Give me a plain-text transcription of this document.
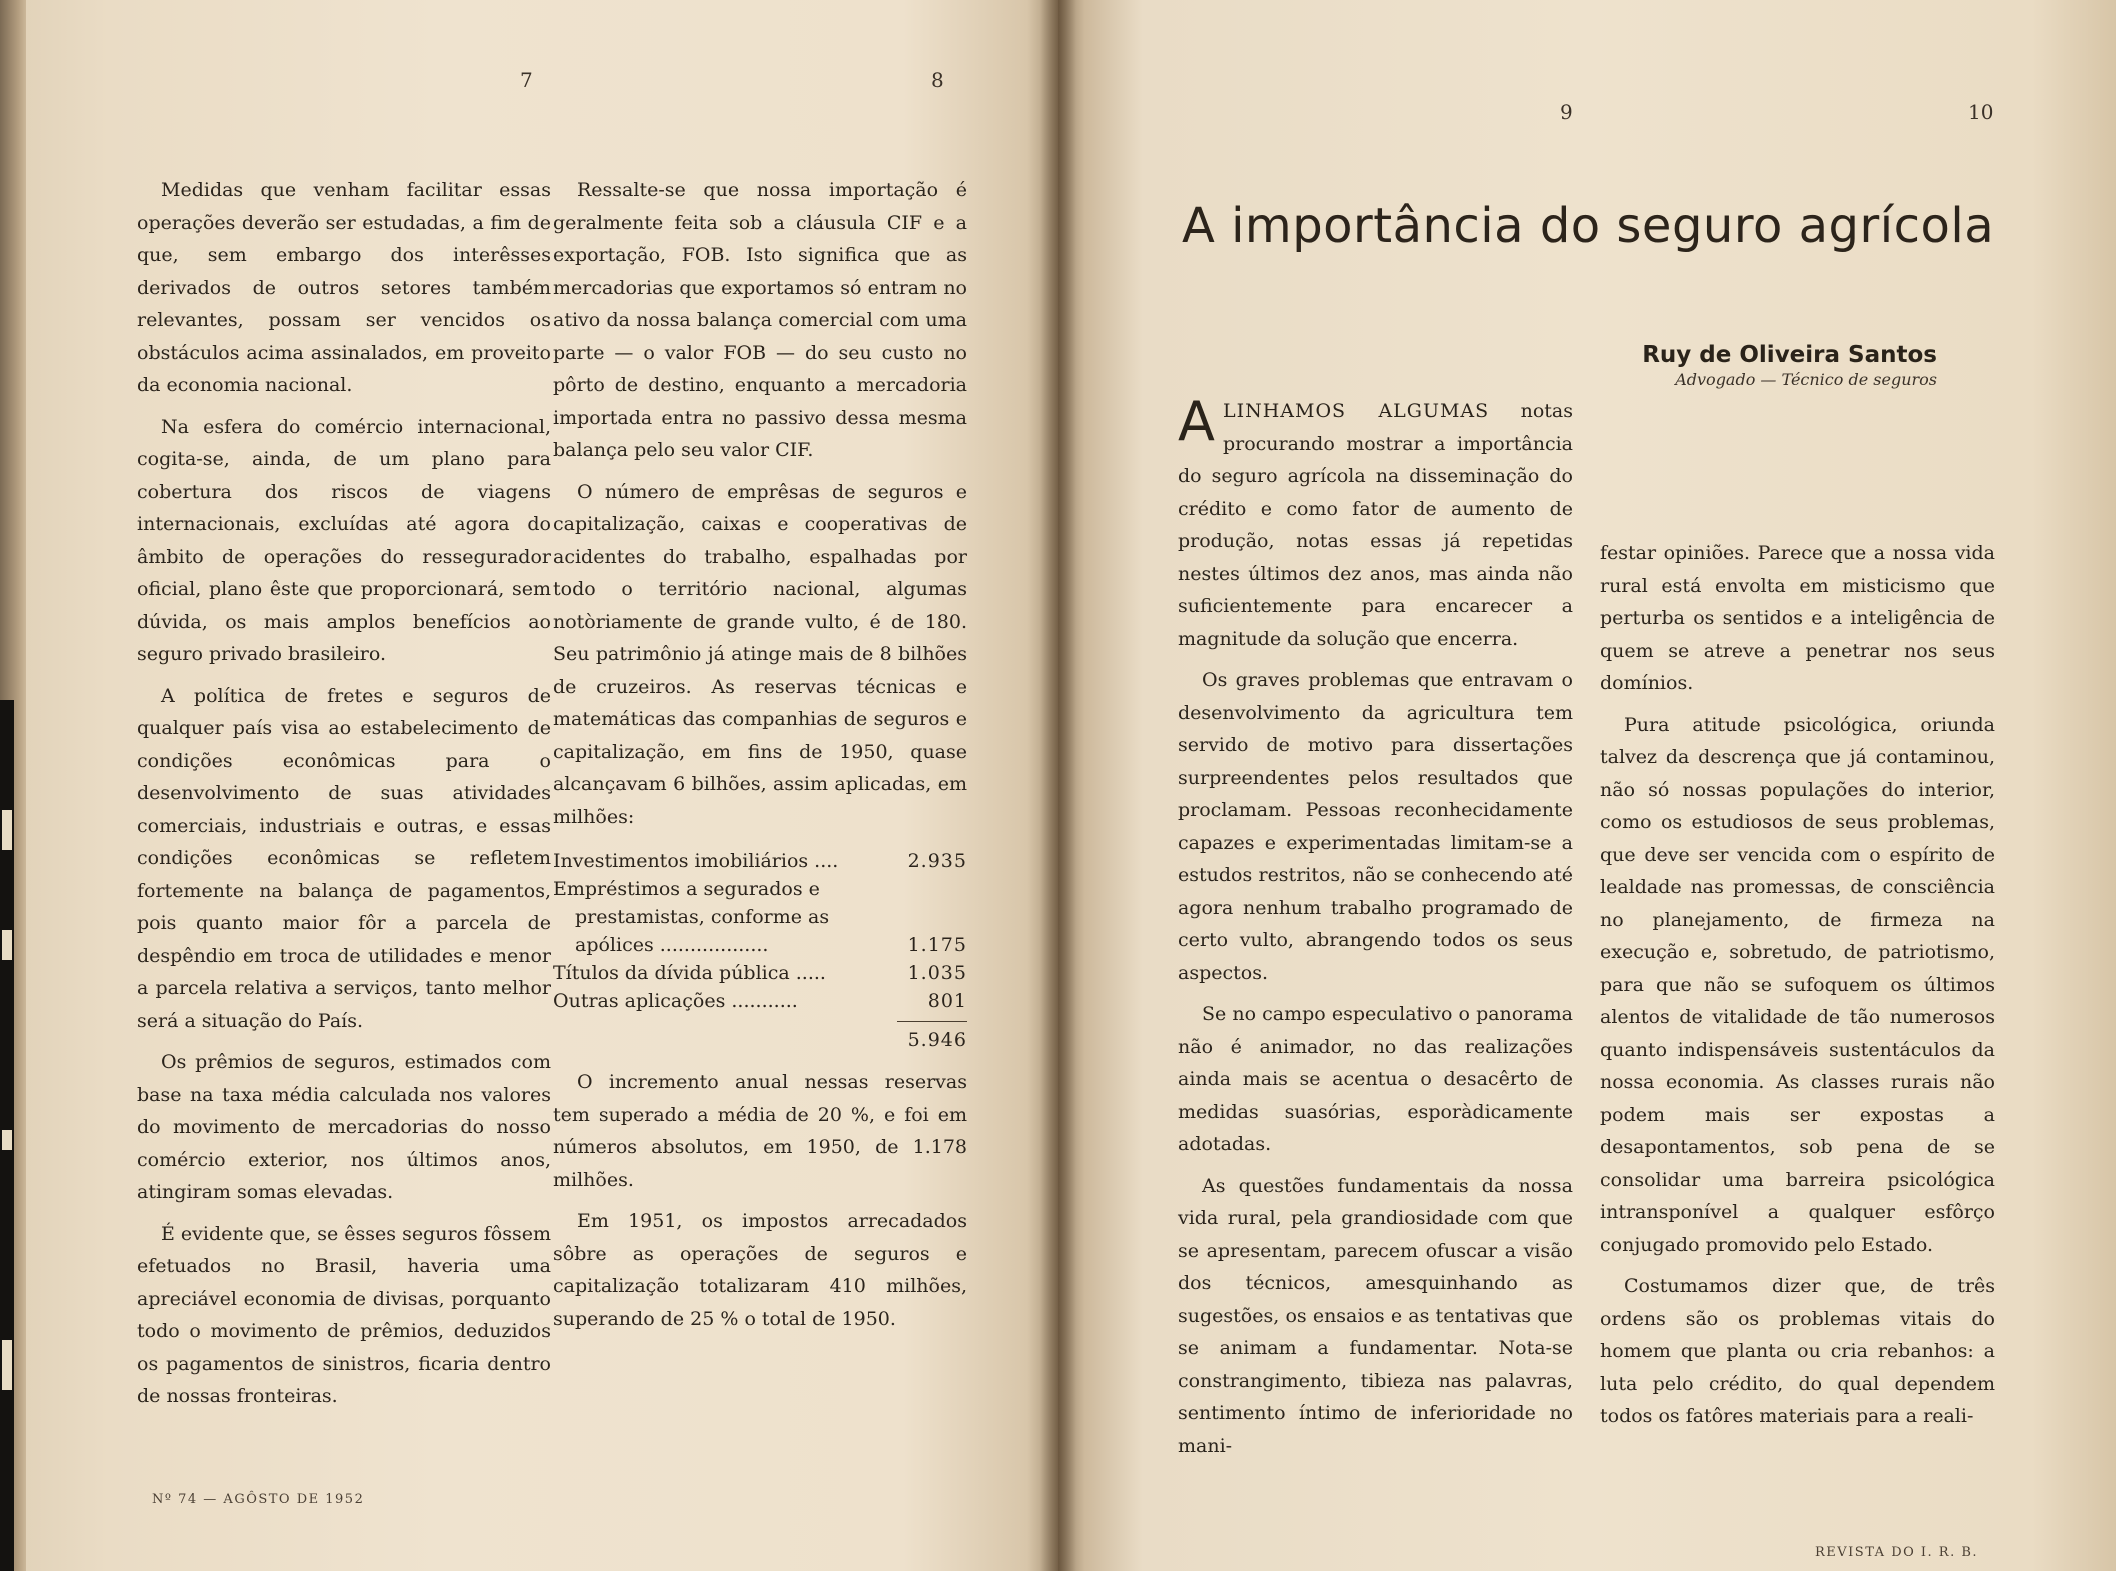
7	8

Medidas que venham facilitar essas operações deverão ser estudadas, a fim de que, sem embargo dos interêsses derivados de outros setores também relevantes, possam ser vencidos os obstáculos acima assinalados, em proveito da economia nacional.

Na esfera do comércio internacional, cogita-se, ainda, de um plano para cobertura dos riscos de viagens internacionais, excluídas até agora do âmbito de operações do ressegurador oficial, plano êste que proporcionará, sem dúvida, os mais amplos benefícios ao seguro privado brasileiro.

A política de fretes e seguros de qualquer país visa ao estabelecimento de condições econômicas para o desenvolvimento de suas atividades comerciais, industriais e outras, e essas condições econômicas se refletem fortemente na balança de pagamentos, pois quanto maior fôr a parcela de despêndio em troca de utilidades e menor a parcela relativa a serviços, tanto melhor será a situação do País.

Os prêmios de seguros, estimados com base na taxa média calculada nos valores do movimento de mercadorias do nosso comércio exterior, nos últimos anos, atingiram somas elevadas.

É evidente que, se êsses seguros fôssem efetuados no Brasil, haveria uma apreciável economia de divisas, porquanto todo o movimento de prêmios, deduzidos os pagamentos de sinistros, ficaria dentro de nossas fronteiras.

Ressalte-se que nossa importação é geralmente feita sob a cláusula CIF e a exportação, FOB. Isto significa que as mercadorias que exportamos só entram no ativo da nossa balança comercial com uma parte — o valor FOB — do seu custo no pôrto de destino, enquanto a mercadoria importada entra no passivo dessa mesma balança pelo seu valor CIF.

O número de emprêsas de seguros e capitalização, caixas e cooperativas de acidentes do trabalho, espalhadas por todo o território nacional, algumas notòriamente de grande vulto, é de 180. Seu patrimônio já atinge mais de 8 bilhões de cruzeiros. As reservas técnicas e matemáticas das companhias de seguros e capitalização, em fins de 1950, quase alcançavam 6 bilhões, assim aplicadas, em milhões:

Investimentos imobiliários ....	2.935
Empréstimos a segurados e
prestamistas, conforme as
apólices ..................	1.175
Títulos da dívida pública .....	1.035
Outras aplicações ...........	801
5.946

O incremento anual nessas reservas tem superado a média de 20 %, e foi em números absolutos, em 1950, de 1.178 milhões.

Em 1951, os impostos arrecadados sôbre as operações de seguros e capitalização totalizaram 410 milhões, superando de 25 % o total de 1950.

Nº 74 — AGÔSTO DE 1952
9	10
REVISTA DO I. R. B.
A importância do seguro agrícola
Ruy de Oliveira Santos
Advogado — Técnico de seguros

ALINHAMOS ALGUMAS notas procurando mostrar a importância do seguro agrícola na disseminação do crédito e como fator de aumento de produção, notas essas já repetidas nestes últimos dez anos, mas ainda não suficientemente para encarecer a magnitude da solução que encerra.

Os graves problemas que entravam o desenvolvimento da agricultura tem servido de motivo para dissertações surpreendentes pelos resultados que proclamam. Pessoas reconhecidamente capazes e experimentadas limitam-se a estudos restritos, não se conhecendo até agora nenhum trabalho programado de certo vulto, abrangendo todos os seus aspectos.

Se no campo especulativo o panorama não é animador, no das realizações ainda mais se acentua o desacêrto de medidas suasórias, esporàdicamente adotadas.

As questões fundamentais da nossa vida rural, pela grandiosidade com que se apresentam, parecem ofuscar a visão dos técnicos, amesquinhando as sugestões, os ensaios e as tentativas que se animam a fundamentar. Nota-se constrangimento, tibieza nas palavras, sentimento íntimo de inferioridade no mani-

festar opiniões. Parece que a nossa vida rural está envolta em misticismo que perturba os sentidos e a inteligência de quem se atreve a penetrar nos seus domínios.

Pura atitude psicológica, oriunda talvez da descrença que já contaminou, não só nossas populações do interior, como os estudiosos de seus problemas, que deve ser vencida com o espírito de lealdade nas promessas, de consciência no planejamento, de firmeza na execução e, sobretudo, de patriotismo, para que não se sufoquem os últimos alentos de vitalidade de tão numerosos quanto indispensáveis sustentáculos da nossa economia. As classes rurais não podem mais ser expostas a desapontamentos, sob pena de se consolidar uma barreira psicológica intransponível a qualquer esfôrço conjugado promovido pelo Estado.

Costumamos dizer que, de três ordens são os problemas vitais do homem que planta ou cria rebanhos: a luta pelo crédito, do qual dependem todos os fatôres materiais para a reali-
